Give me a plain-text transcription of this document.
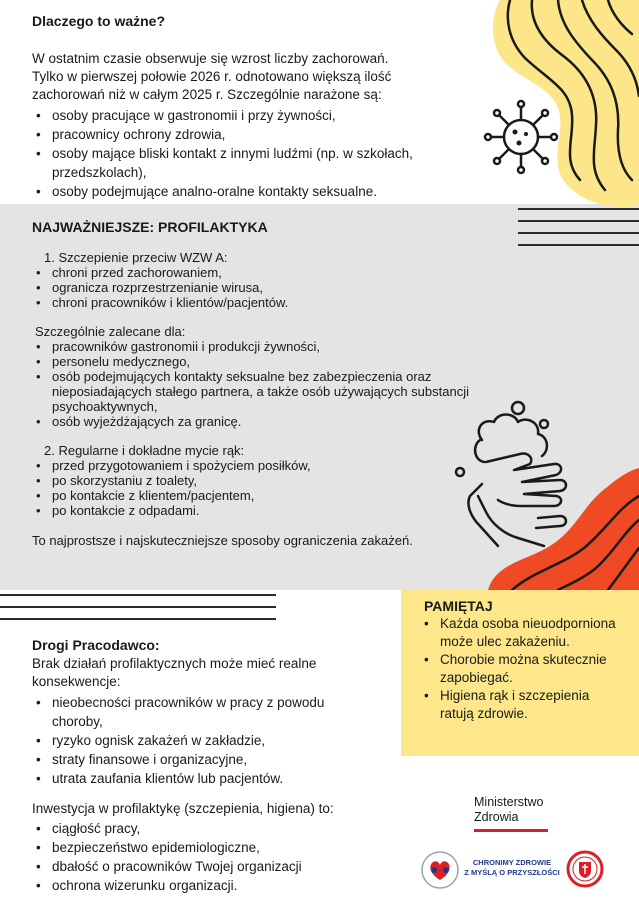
Dlaczego to ważne?
W ostatnim czasie obserwuje się wzrost liczby zachorowań.
Tylko w pierwszej połowie 2026 r. odnotowano większą ilość
zachorowań niż w całym 2025 r. Szczególnie narażone są:
• osoby pracujące w gastronomii i przy żywności,
• pracownicy ochrony zdrowia,
• osoby mające bliski kontakt z innymi ludźmi (np. w szkołach, przedszkolach),
• osoby podejmujące analno-oralne kontakty seksualne.
NAJWAŻNIEJSZE: PROFILAKTYKA
1. Szczepienie przeciw WZW A:
• chroni przed zachorowaniem,
• ogranicza rozprzestrzenianie wirusa,
• chroni pracowników i klientów/pacjentów.
Szczególnie zalecane dla:
• pracowników gastronomii i produkcji żywności,
• personelu medycznego,
• osób podejmujących kontakty seksualne bez zabezpieczenia oraz nieposiadających stałego partnera, a także osób używających substancji psychoaktywnych,
• osób wyjeżdżających za granicę.
2. Regularne i dokładne mycie rąk:
• przed przygotowaniem i spożyciem posiłków,
• po skorzystaniu z toalety,
• po kontakcie z klientem/pacjentem,
• po kontakcie z odpadami.
To najprostsze i najskuteczniejsze sposoby ograniczenia zakażeń.
PAMIĘTAJ
• Każda osoba nieuodporniona może ulec zakażeniu.
• Chorobie można skutecznie zapobiegać.
• Higiena rąk i szczepienia ratują zdrowie.
Drogi Pracodawco:
Brak działań profilaktycznych może mieć realne konsekwencje:
• nieobecności pracowników w pracy z powodu choroby,
• ryzyko ognisk zakażeń w zakładzie,
• straty finansowe i organizacyjne,
• utrata zaufania klientów lub pacjentów.
Inwestycja w profilaktykę (szczepienia, higiena) to:
• ciągłość pracy,
• bezpieczeństwo epidemiologiczne,
• dbałość o pracowników Twojej organizacji
• ochrona wizerunku organizacji.
Ministerstwo
Zdrowia
CHRONIMY ZDROWIE
Z MYŚLĄ O PRZYSZŁOŚCI
